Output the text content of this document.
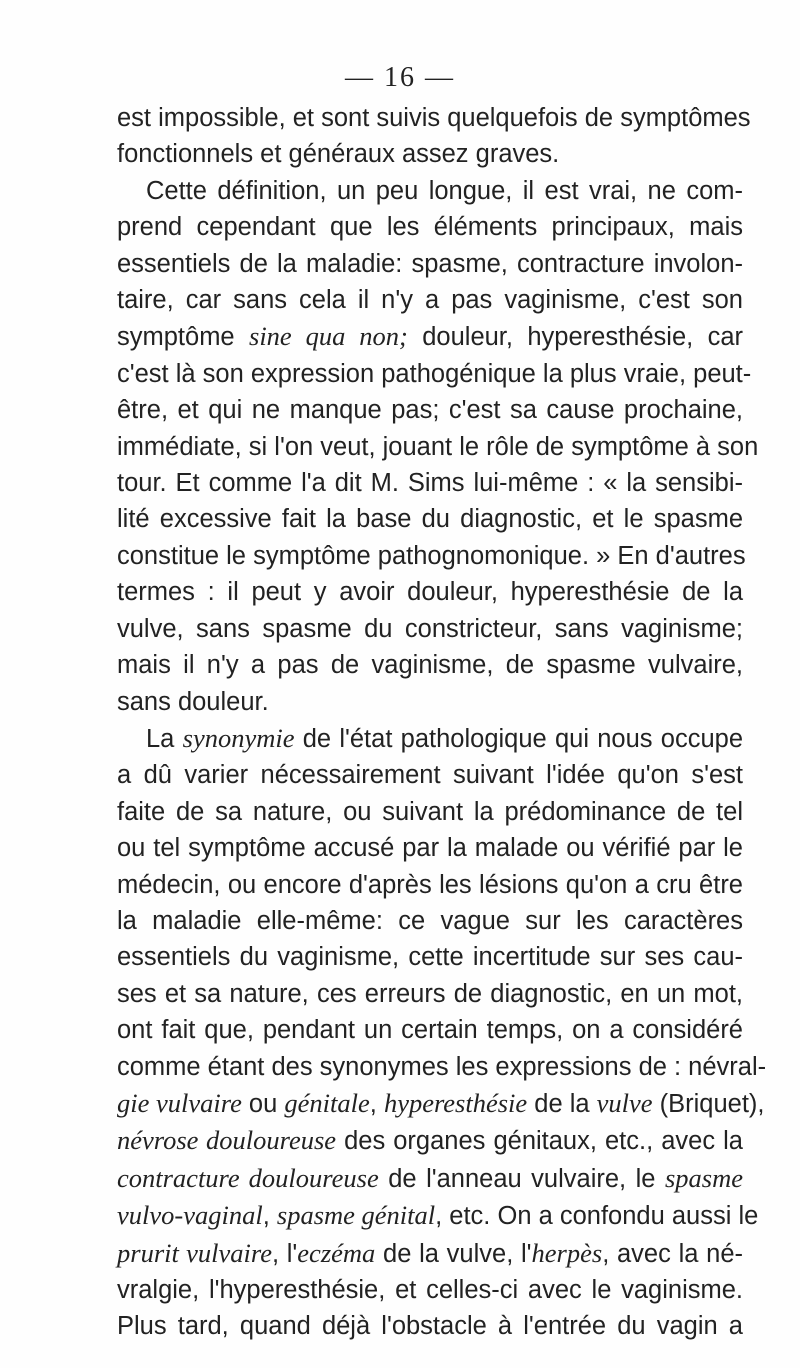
— 16 —
est impossible, et sont suivis quelquefois de symptômes
fonctionnels et généraux assez graves.
Cette définition, un peu longue, il est vrai, ne com-
prend cependant que les éléments principaux, mais
essentiels de la maladie: spasme, contracture involon-
taire, car sans cela il n'y a pas vaginisme, c'est son
symptôme sine qua non; douleur, hyperesthésie, car
c'est là son expression pathogénique la plus vraie, peut-
être, et qui ne manque pas; c'est sa cause prochaine,
immédiate, si l'on veut, jouant le rôle de symptôme à son
tour. Et comme l'a dit M. Sims lui-même : « la sensibi-
lité excessive fait la base du diagnostic, et le spasme
constitue le symptôme pathognomonique. » En d'autres
termes : il peut y avoir douleur, hyperesthésie de la
vulve, sans spasme du constricteur, sans vaginisme;
mais il n'y a pas de vaginisme, de spasme vulvaire,
sans douleur.
La synonymie de l'état pathologique qui nous occupe
a dû varier nécessairement suivant l'idée qu'on s'est
faite de sa nature, ou suivant la prédominance de tel
ou tel symptôme accusé par la malade ou vérifié par le
médecin, ou encore d'après les lésions qu'on a cru être
la maladie elle-même: ce vague sur les caractères
essentiels du vaginisme, cette incertitude sur ses cau-
ses et sa nature, ces erreurs de diagnostic, en un mot,
ont fait que, pendant un certain temps, on a considéré
comme étant des synonymes les expressions de : névral-
gie vulvaire ou génitale, hyperesthésie de la vulve (Briquet),
névrose douloureuse des organes génitaux, etc., avec la
contracture douloureuse de l'anneau vulvaire, le spasme
vulvo-vaginal, spasme génital, etc. On a confondu aussi le
prurit vulvaire, l'eczéma de la vulve, l'herpès, avec la né-
vralgie, l'hyperesthésie, et celles-ci avec le vaginisme.
Plus tard, quand déjà l'obstacle à l'entrée du vagin a
